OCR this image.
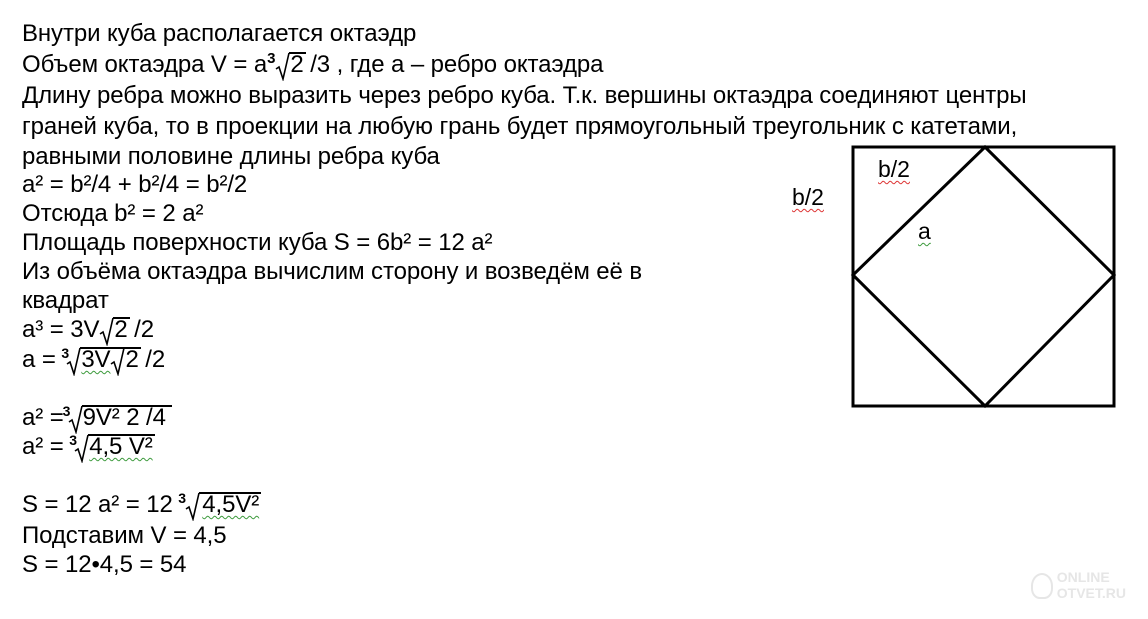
Внутри куба располагается октаэдр
Объем октаэдра $V = a^3$ 2 /3 , где а – ребро октаэдра
Длину ребра можно выразить через ребро куба. Т.к. вершины октаэдра соединяют центры
граней куба, то в проекции на любую грань будет прямоугольный треугольник с катетами,
равными половине длины ребра куба
a² = b²/4 + b²/4 = b²/2
Отсюда b² = 2 a²
Площадь поверхности куба S = 6b² = 12 a²
Из объёма октаэдра вычислим сторону и возведём её в
квадрат
a³ = 3V 2 /2
a = 3 3V 2 /2
a² = 3 9V² 2 /4
a² = 3 4,5 V²
S = 12 a² = 12 3 4,5V²
Подставим V = 4,5
S = 12•4,5 = 54
b/2
b/2
a
ONLINE
OTVET.RU
